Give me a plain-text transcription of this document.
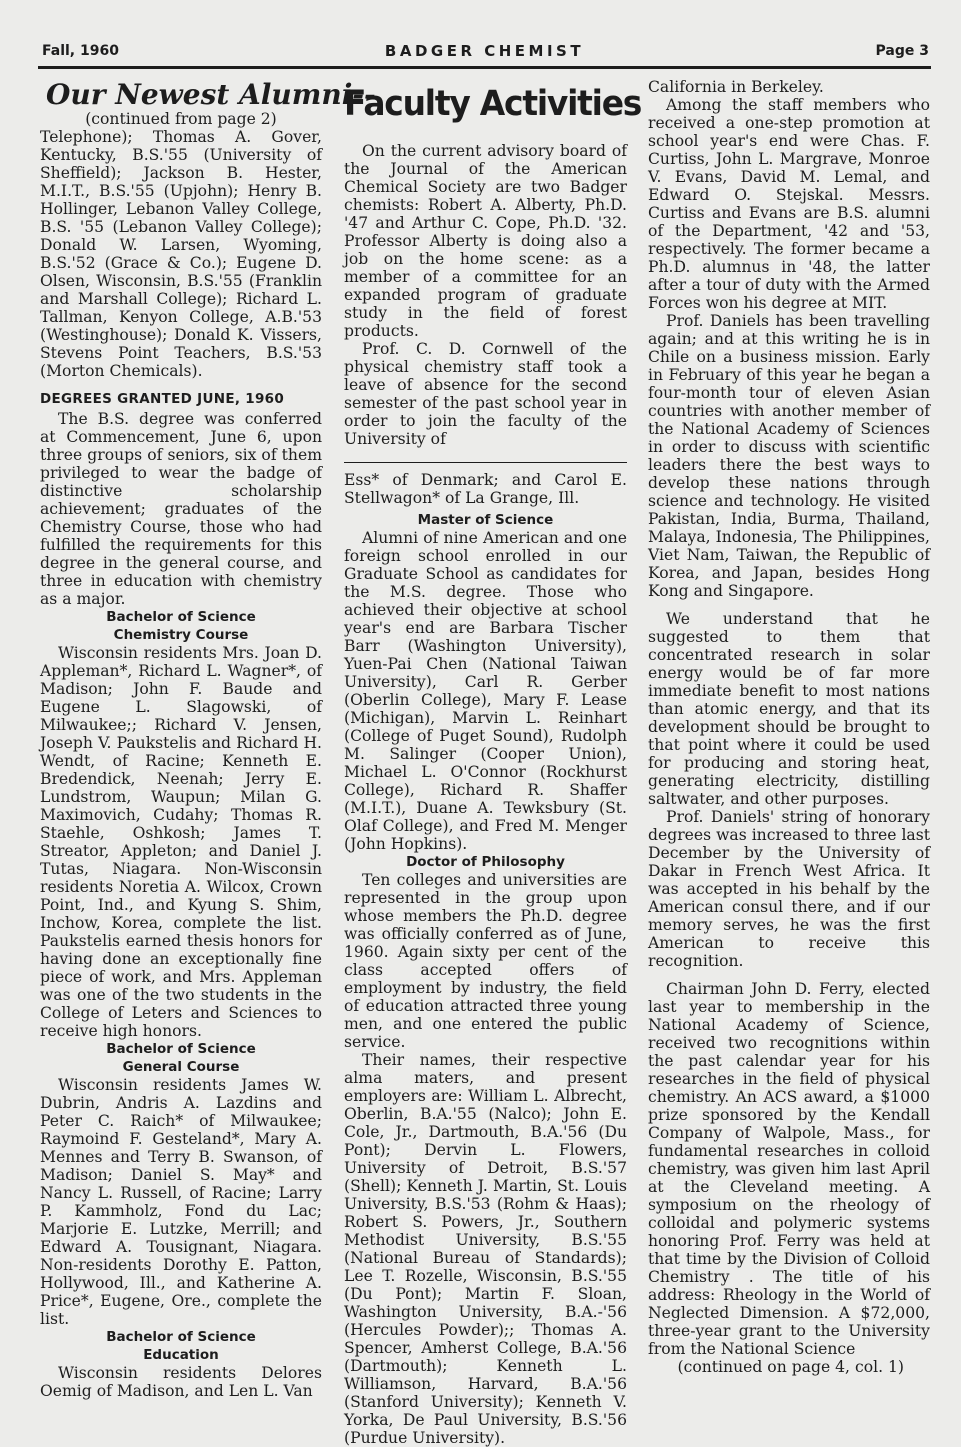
Fall, 1960	BADGER CHEMIST	Page 3
Our Newest Alumni--

(continued from page 2)

Telephone); Thomas A. Gover, Kentucky, B.S.'55 (University of Sheffield); Jackson B. Hester, M.I.T., B.S.'55 (Upjohn); Henry B. Hollinger, Lebanon Valley College, B.S. '55 (Lebanon Valley College); Donald W. Larsen, Wyoming, B.S.'52 (Grace & Co.); Eugene D. Olsen, Wisconsin, B.S.'55 (Franklin and Marshall College); Richard L. Tallman, Kenyon College, A.B.'53 (Westinghouse); Donald K. Vissers, Stevens Point Teachers, B.S.'53 (Morton Chemicals).

DEGREES GRANTED JUNE, 1960

The B.S. degree was conferred at Commencement, June 6, upon three groups of seniors, six of them privileged to wear the badge of distinctive scholarship achievement; graduates of the Chemistry Course, those who had fulfilled the requirements for this degree in the general course, and three in education with chemistry as a major.

Bachelor of Science
Chemistry Course

Wisconsin residents Mrs. Joan D. Appleman*, Richard L. Wagner*, of Madison; John F. Baude and Eugene L. Slagowski, of Milwaukee;; Richard V. Jensen, Joseph V. Paukstelis and Richard H. Wendt, of Racine; Kenneth E. Bredendick, Neenah; Jerry E. Lundstrom, Waupun; Milan G. Maximovich, Cudahy; Thomas R. Staehle, Oshkosh; James T. Streator, Appleton; and Daniel J. Tutas, Niagara. Non-Wisconsin residents Noretia A. Wilcox, Crown Point, Ind., and Kyung S. Shim, Inchow, Korea, complete the list. Paukstelis earned thesis honors for having done an exceptionally fine piece of work, and Mrs. Appleman was one of the two students in the College of Leters and Sciences to receive high honors.

Bachelor of Science
General Course

Wisconsin residents James W. Dubrin, Andris A. Lazdins and Peter C. Raich* of Milwaukee; Raymoind F. Gesteland*, Mary A. Mennes and Terry B. Swanson, of Madison; Daniel S. May* and Nancy L. Russell, of Racine; Larry P. Kammholz, Fond du Lac; Marjorie E. Lutzke, Merrill; and Edward A. Tousignant, Niagara. Non-residents Dorothy E. Patton, Hollywood, Ill., and Katherine A. Price*, Eugene, Ore., complete the list.

Bachelor of Science
Education

Wisconsin residents Delores Oemig of Madison, and Len L. Van

Faculty Activities

On the current advisory board of the Journal of the American Chemical Society are two Badger chemists: Robert A. Alberty, Ph.D. '47 and Arthur C. Cope, Ph.D. '32. Professor Alberty is doing also a job on the home scene: as a member of a committee for an expanded program of graduate study in the field of forest products.

Prof. C. D. Cornwell of the physical chemistry staff took a leave of absence for the second semester of the past school year in order to join the faculty of the University of

Ess* of Denmark; and Carol E. Stellwagon* of La Grange, Ill.

Master of Science

Alumni of nine American and one foreign school enrolled in our Graduate School as candidates for the M.S. degree. Those who achieved their objective at school year's end are Barbara Tischer Barr (Washington University), Yuen-Pai Chen (National Taiwan University), Carl R. Gerber (Oberlin College), Mary F. Lease (Michigan), Marvin L. Reinhart (College of Puget Sound), Rudolph M. Salinger (Cooper Union), Michael L. O'Connor (Rockhurst College), Richard R. Shaffer (M.I.T.), Duane A. Tewksbury (St. Olaf College), and Fred M. Menger (John Hopkins).

Doctor of Philosophy

Ten colleges and universities are represented in the group upon whose members the Ph.D. degree was officially conferred as of June, 1960. Again sixty per cent of the class accepted offers of employment by industry, the field of education attracted three young men, and one entered the public service.

Their names, their respective alma maters, and present employers are: William L. Albrecht, Oberlin, B.A.'55 (Nalco); John E. Cole, Jr., Dartmouth, B.A.'56 (Du Pont); Dervin L. Flowers, University of Detroit, B.S.'57 (Shell); Kenneth J. Martin, St. Louis University, B.S.'53 (Rohm & Haas); Robert S. Powers, Jr., Southern Methodist University, B.S.'55 (National Bureau of Standards); Lee T. Rozelle, Wisconsin, B.S.'55 (Du Pont); Martin F. Sloan, Washington University, B.A.-'56 (Hercules Powder);; Thomas A. Spencer, Amherst College, B.A.'56 (Dartmouth); Kenneth L. Williamson, Harvard, B.A.'56 (Stanford University); Kenneth V. Yorka, De Paul University, B.S.'56 (Purdue University).

California in Berkeley.

Among the staff members who received a one-step promotion at school year's end were Chas. F. Curtiss, John L. Margrave, Monroe V. Evans, David M. Lemal, and Edward O. Stejskal. Messrs. Curtiss and Evans are B.S. alumni of the Department, '42 and '53, respectively. The former became a Ph.D. alumnus in '48, the latter after a tour of duty with the Armed Forces won his degree at MIT.

Prof. Daniels has been travelling again; and at this writing he is in Chile on a business mission. Early in February of this year he began a four-month tour of eleven Asian countries with another member of the National Academy of Sciences in order to discuss with scientific leaders there the best ways to develop these nations through science and technology. He visited Pakistan, India, Burma, Thailand, Malaya, Indonesia, The Philippines, Viet Nam, Taiwan, the Republic of Korea, and Japan, besides Hong Kong and Singapore.

We understand that he suggested to them that concentrated research in solar energy would be of far more immediate benefit to most nations than atomic energy, and that its development should be brought to that point where it could be used for producing and storing heat, generating electricity, distilling saltwater, and other purposes.

Prof. Daniels' string of honorary degrees was increased to three last December by the University of Dakar in French West Africa. It was accepted in his behalf by the American consul there, and if our memory serves, he was the first American to receive this recognition.

Chairman John D. Ferry, elected last year to membership in the National Academy of Science, received two recognitions within the past calendar year for his researches in the field of physical chemistry. An ACS award, a $1000 prize sponsored by the Kendall Company of Walpole, Mass., for fundamental researches in colloid chemistry, was given him last April at the Cleveland meeting. A symposium on the rheology of colloidal and polymeric systems honoring Prof. Ferry was held at that time by the Division of Colloid Chemistry . The title of his address: Rheology in the World of Neglected Dimension. A $72,000, three-year grant to the University from the National Science

(continued on page 4, col. 1)
